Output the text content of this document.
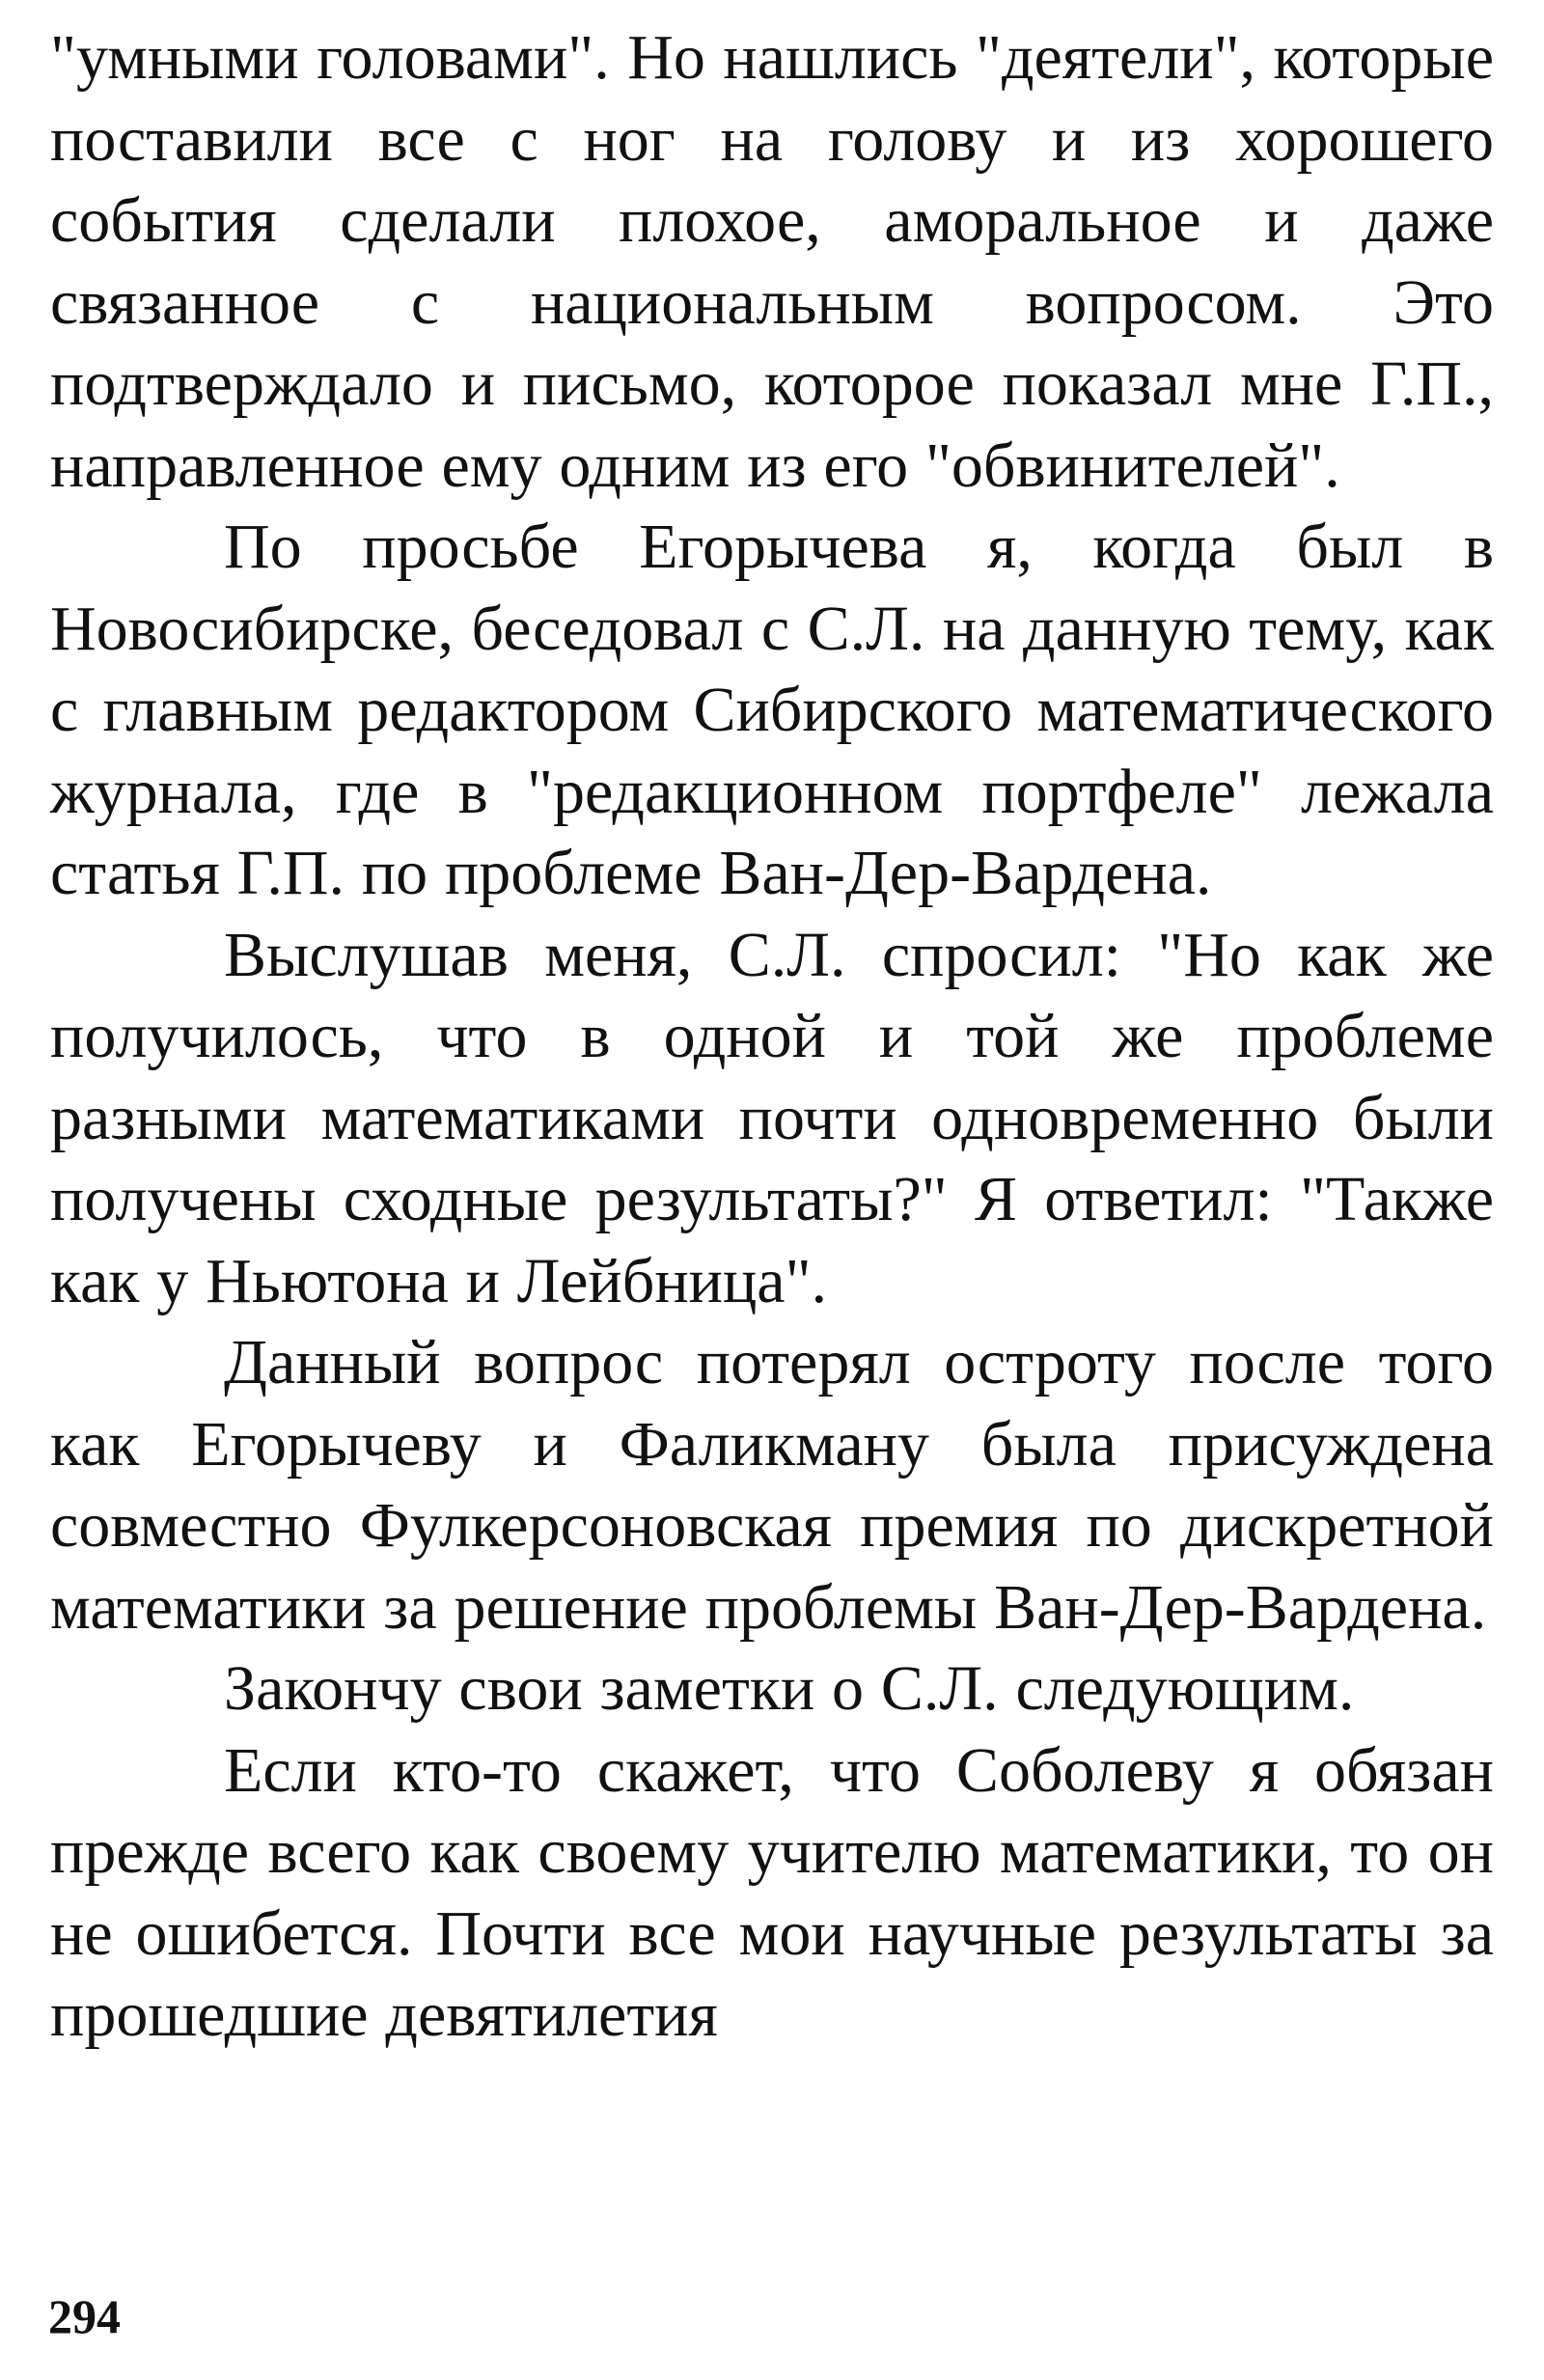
"умными головами". Но нашлись "деятели", которые поставили все с ног на голову и из хорошего события сделали плохое, аморальное и даже связанное с национальным вопросом. Это подтверждало и письмо, которое показал мне Г.П., направленное ему одним из его "обвинителей".

По просьбе Егорычева я, когда был в Новосибирске, беседовал с С.Л. на данную тему, как с главным редактором Сибирского математического журнала, где в "редакционном портфеле" лежала статья Г.П. по проблеме Ван-Дер-Вардена.

Выслушав меня, С.Л. спросил: "Но как же получилось, что в одной и той же проблеме разными математиками почти одновременно были получены сходные результаты?" Я ответил: "Также как у Ньютона и Лейбница".

Данный вопрос потерял остроту после того как Егорычеву и Фаликману была присуждена совместно Фулкерсоновская премия по дискретной математики за решение проблемы Ван-Дер-Вардена.

Закончу свои заметки о С.Л. следующим.

Если кто-то скажет, что Соболеву я обязан прежде всего как своему учителю математики, то он не ошибется. Почти все мои научные результаты за прошедшие девятилетия

294
